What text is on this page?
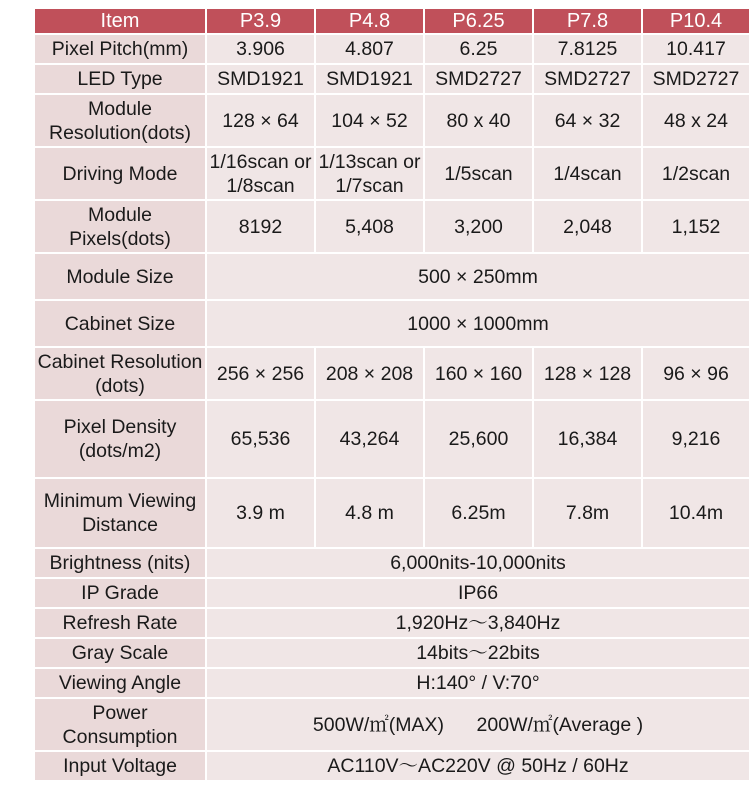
Item	P3.9	P4.8	P6.25	P7.8	P10.4
Pixel Pitch(mm)	3.906	4.807	6.25	7.8125	10.417
LED Type	SMD1921	SMD1921	SMD2727	SMD2727	SMD2727
Module Resolution(dots)	128 × 64	104 × 52	80 x 40	64 × 32	48 x 24
Driving Mode	1/16scan or 1/8scan	1/13scan or 1/7scan	1/5scan	1/4scan	1/2scan
Module Pixels(dots)	8192	5,408	3,200	2,048	1,152
Module Size	500 × 250mm				
Cabinet Size	1000 × 1000mm				
Cabinet Resolution (dots)	256 × 256	208 × 208	160 × 160	128 × 128	96 × 96
Pixel Density (dots/m2)	65,536	43,264	25,600	16,384	9,216
Minimum Viewing Distance	3.9 m	4.8 m	6.25m	7.8m	10.4m
Brightness (nits)	6,000nits-10,000nits				
IP Grade	IP66				
Refresh Rate	1,920Hz～3,840Hz				
Gray Scale	14bits～22bits				
Viewing Angle	H:140° / V:70°				
Power Consumption	500W/㎡(MAX)      200W/㎡(Average )				
Input Voltage	AC110V～AC220V @ 50Hz / 60Hz				
